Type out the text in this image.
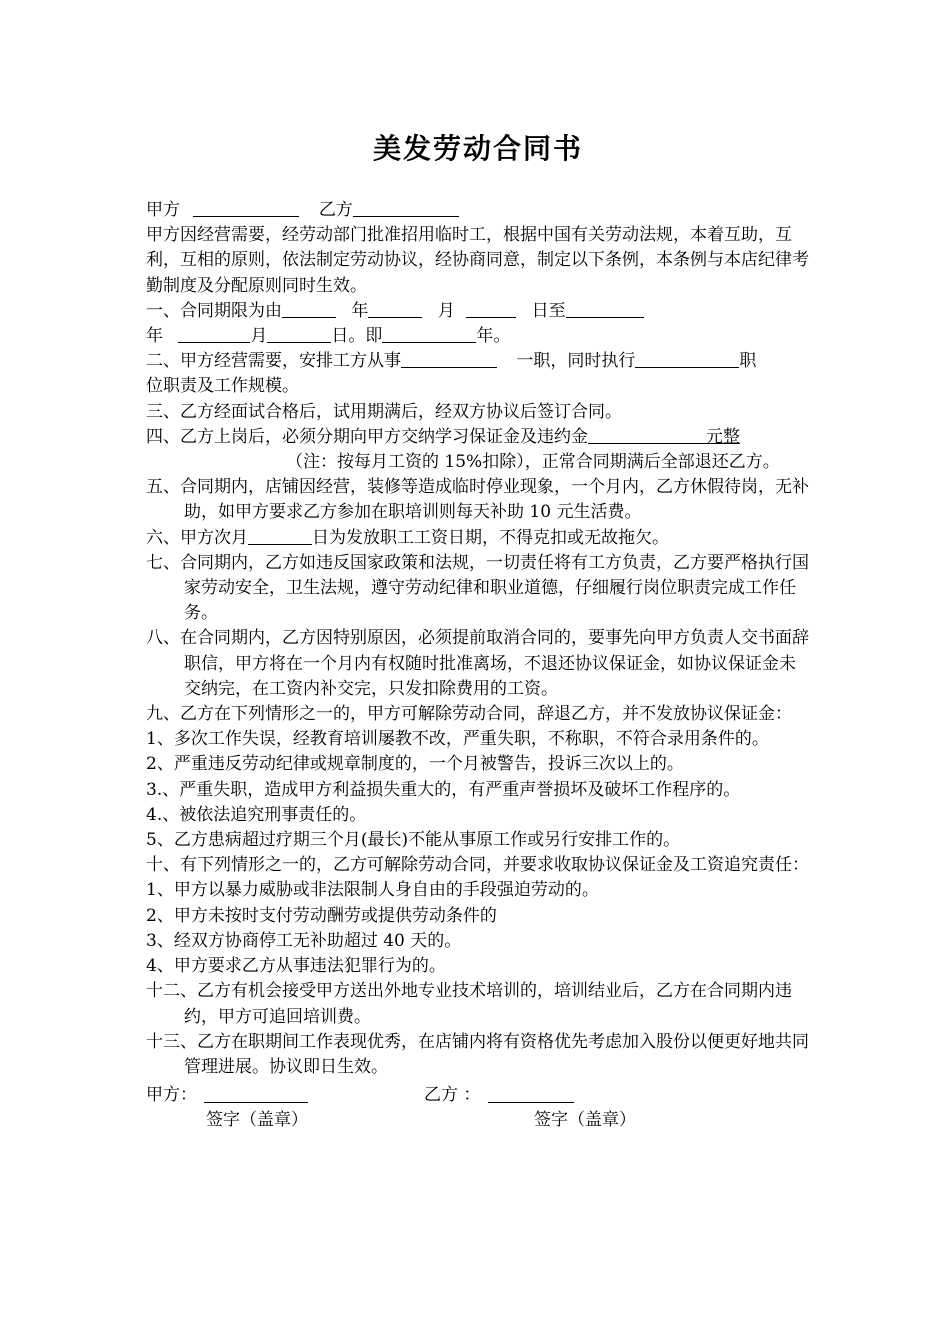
美发劳动合同书
甲方	乙方
甲方因经营需要，经劳动部门批准招用临时工，根据中国有关劳动法规，本着互助，互利，互相的原则，依法制定劳动协议，经协商同意，制定以下条例，本条例与本店纪律考勤制度及分配原则同时生效。
一、合同期限为由	年	月	日至
年	月	日。即	年。
二、甲方经营需要，安排工方从事	一职，同时执行	职
位职责及工作规模。
三、乙方经面试合格后，试用期满后，经双方协议后签订合同。
四、乙方上岗后，必须分期向甲方交纳学习保证金及违约金	元整
（注：按每月工资的 15%扣除），正常合同期满后全部退还乙方。
五、合同期内，店铺因经营，装修等造成临时停业现象，一个月内，乙方休假待岗，无补助，如甲方要求乙方参加在职培训则每天补助 10 元生活费。
六、甲方次月	日为发放职工工资日期，不得克扣或无故拖欠。
七、合同期内，乙方如违反国家政策和法规，一切责任将有工方负责，乙方要严格执行国家劳动安全，卫生法规，遵守劳动纪律和职业道德，仔细履行岗位职责完成工作任务。
八、在合同期内，乙方因特别原因，必须提前取消合同的，要事先向甲方负责人交书面辞职信，甲方将在一个月内有权随时批准离场，不退还协议保证金，如协议保证金未交纳完，在工资内补交完，只发扣除费用的工资。
九、乙方在下列情形之一的，甲方可解除劳动合同，辞退乙方，并不发放协议保证金：
1、多次工作失误，经教育培训屡教不改，严重失职，不称职，不符合录用条件的。
2、严重违反劳动纪律或规章制度的，一个月被警告，投诉三次以上的。
3.、严重失职，造成甲方利益损失重大的，有严重声誉损坏及破坏工作程序的。
4.、被依法追究刑事责任的。
5、乙方患病超过疗期三个月(最长)不能从事原工作或另行安排工作的。
十、有下列情形之一的，乙方可解除劳动合同，并要求收取协议保证金及工资追究责任：
1、甲方以暴力威胁或非法限制人身自由的手段强迫劳动的。
2、甲方未按时支付劳动酬劳或提供劳动条件的
3、经双方协商停工无补助超过 40 天的。
4、甲方要求乙方从事违法犯罪行为的。
十二、乙方有机会接受甲方送出外地专业技术培训的，培训结业后，乙方在合同期内违约，甲方可追回培训费。
十三、乙方在职期间工作表现优秀，在店铺内将有资格优先考虑加入股份以便更好地共同管理进展。协议即日生效。
甲方：	乙方 ：
签字（盖章）	签字（盖章）
